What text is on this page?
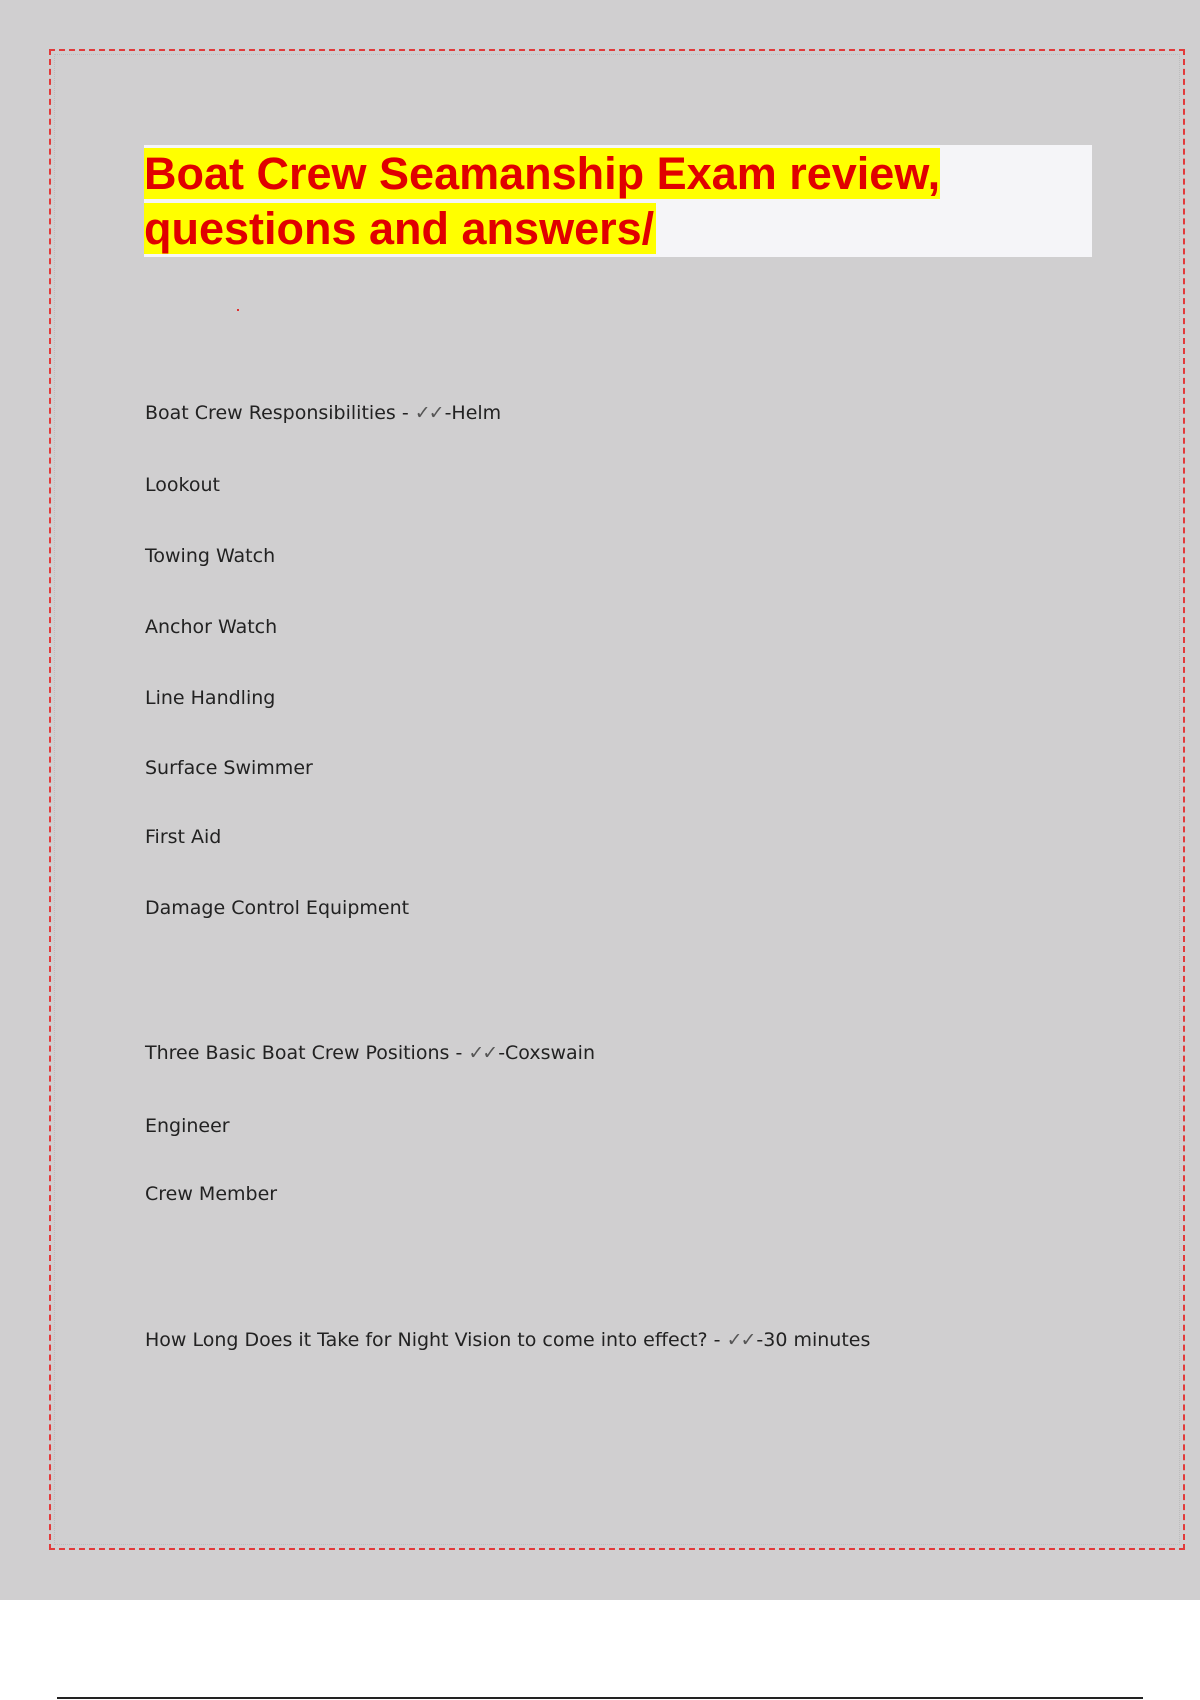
Boat Crew Seamanship Exam review, questions and answers/

Boat Crew Responsibilities - ✓✓ -Helm

Lookout

Towing Watch

Anchor Watch

Line Handling

Surface Swimmer

First Aid

Damage Control Equipment

Three Basic Boat Crew Positions - ✓✓ -Coxswain

Engineer

Crew Member

How Long Does it Take for Night Vision to come into effect? - ✓✓ -30 minutes
